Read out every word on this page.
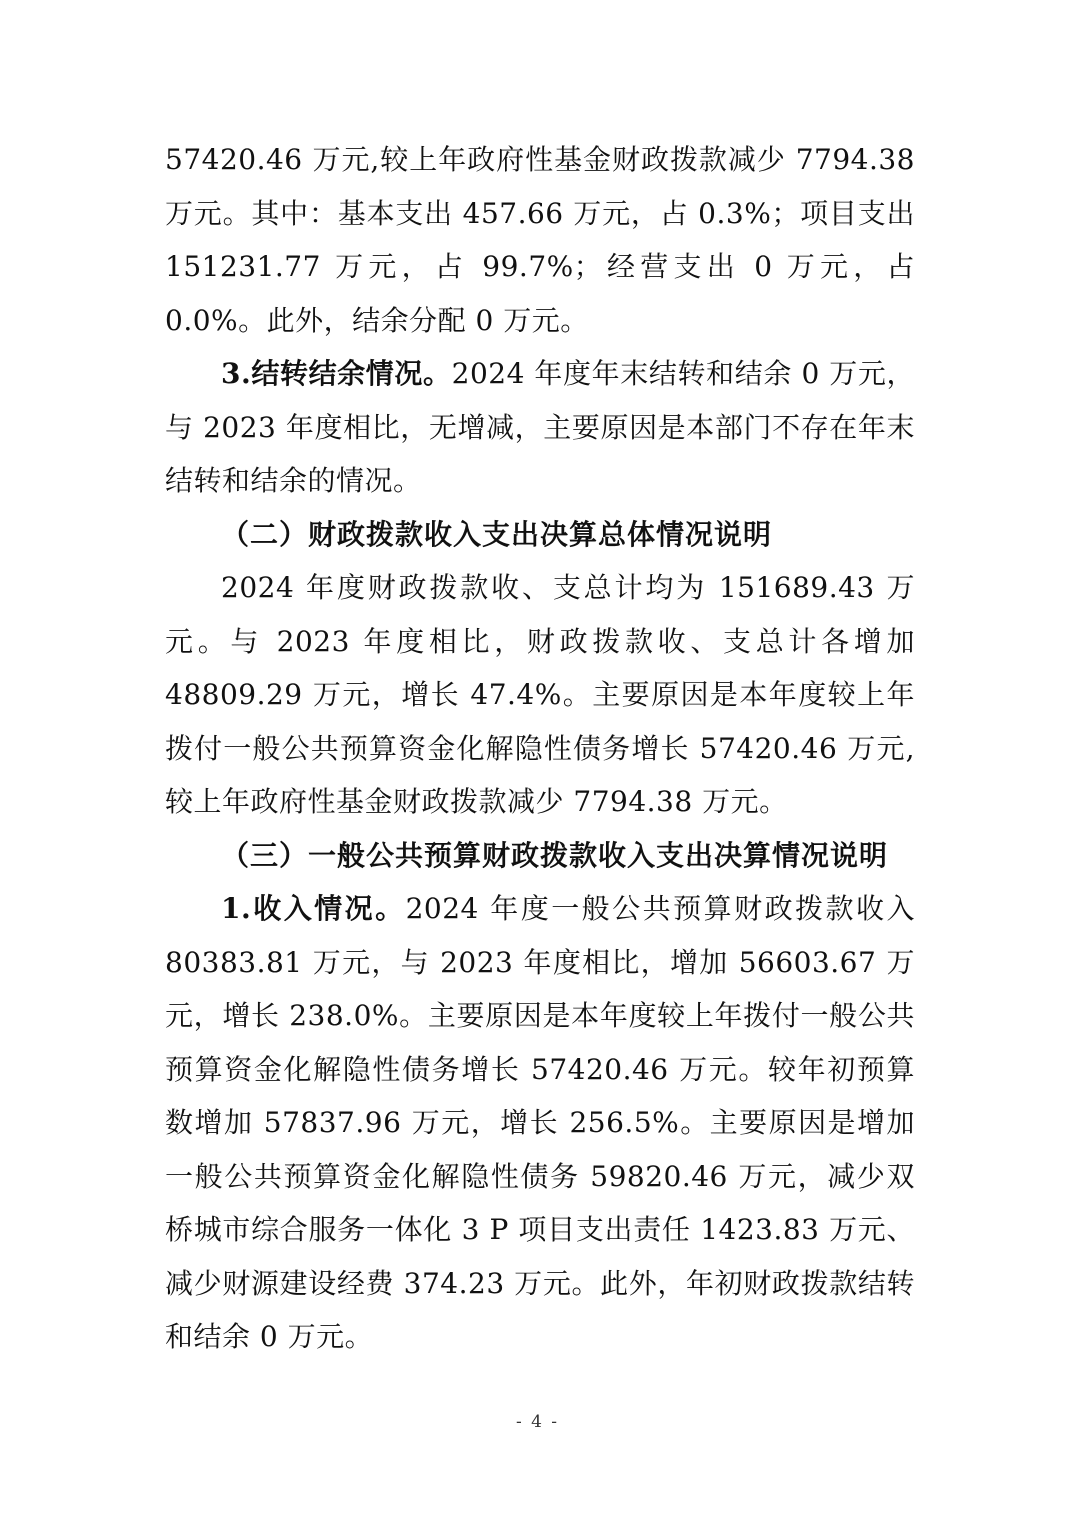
57420.46 万元,较上年政府性基金财政拨款减少 7794.38 万元。其中：基本支出 457.66 万元，占 0.3%；项目支出 151231.77 万元，占 99.7%；经营支出 0 万元，占 0.0%。此外，结余分配 0 万元。

3.结转结余情况。2024 年度年末结转和结余 0 万元，与 2023 年度相比，无增减，主要原因是本部门不存在年末结转和结余的情况。

（二）财政拨款收入支出决算总体情况说明

2024 年度财政拨款收、支总计均为 151689.43 万元。与 2023 年度相比，财政拨款收、支总计各增加 48809.29 万元，增长 47.4%。主要原因是本年度较上年拨付一般公共预算资金化解隐性债务增长 57420.46 万元,较上年政府性基金财政拨款减少 7794.38 万元。

（三）一般公共预算财政拨款收入支出决算情况说明

1.收入情况。2024 年度一般公共预算财政拨款收入 80383.81 万元，与 2023 年度相比，增加 56603.67 万元，增长 238.0%。主要原因是本年度较上年拨付一般公共预算资金化解隐性债务增长 57420.46 万元。较年初预算数增加 57837.96 万元，增长 256.5%。主要原因是增加一般公共预算资金化解隐性债务 59820.46 万元，减少双桥城市综合服务一体化 3 P 项目支出责任 1423.83 万元、减少财源建设经费 374.23 万元。此外，年初财政拨款结转和结余 0 万元。

- 4 -
